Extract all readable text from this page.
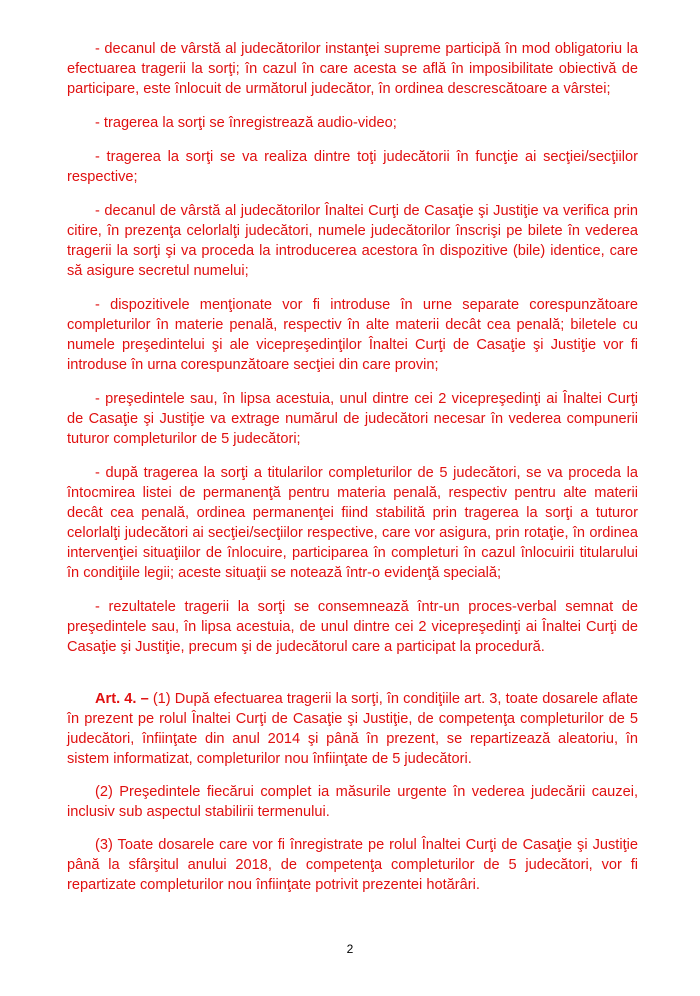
- decanul de vârstă al judecătorilor instanţei supreme participă în mod obligatoriu la efectuarea tragerii la sorţi; în cazul în care acesta se află în imposibilitate obiectivă de participare, este înlocuit de următorul judecător, în ordinea descrescătoare a vârstei;

- tragerea la sorţi se înregistrează audio-video;

- tragerea la sorţi se va realiza dintre toţi judecătorii în funcţie ai secţiei/secţiilor respective;

- decanul de vârstă al judecătorilor Înaltei Curţi de Casaţie şi Justiţie va verifica prin citire, în prezenţa celorlalţi judecători, numele judecătorilor înscrişi pe bilete în vederea tragerii la sorţi şi va proceda la introducerea acestora în dispozitive (bile) identice, care să asigure secretul numelui;

- dispozitivele menţionate vor fi introduse în urne separate corespunzătoare completurilor în materie penală, respectiv în alte materii decât cea penală; biletele cu numele preşedintelui şi ale vicepreşedinţilor Înaltei Curţi de Casaţie şi Justiţie vor fi introduse în urna corespunzătoare secţiei din care provin;

- preşedintele sau, în lipsa acestuia, unul dintre cei 2 vicepreşedinţi ai Înaltei Curţi de Casaţie şi Justiţie va extrage numărul de judecători necesar în vederea compunerii tuturor completurilor de 5 judecători;

- după tragerea la sorţi a titularilor completurilor de 5 judecători, se va proceda la întocmirea listei de permanenţă pentru materia penală, respectiv pentru alte materii decât cea penală, ordinea permanenţei fiind stabilită prin tragerea la sorţi a tuturor celorlalţi judecători ai secţiei/secţiilor respective, care vor asigura, prin rotaţie, în ordinea intervenţiei situaţiilor de înlocuire, participarea în completuri în cazul înlocuirii titularului în condiţiile legii; aceste situaţii se notează într-o evidenţă specială;

- rezultatele tragerii la sorţi se consemnează într-un proces-verbal semnat de preşedintele sau, în lipsa acestuia, de unul dintre cei 2 vicepreşedinţi ai Înaltei Curţi de Casaţie şi Justiţie, precum şi de judecătorul care a participat la procedură.

Art. 4. – (1) După efectuarea tragerii la sorţi, în condiţiile art. 3, toate dosarele aflate în prezent pe rolul Înaltei Curţi de Casaţie şi Justiţie, de competenţa completurilor de 5 judecători, înfiinţate din anul 2014 şi până în prezent, se repartizează aleatoriu, în sistem informatizat, completurilor nou înfiinţate de 5 judecători.

(2) Preşedintele fiecărui complet ia măsurile urgente în vederea judecării cauzei, inclusiv sub aspectul stabilirii termenului.

(3) Toate dosarele care vor fi înregistrate pe rolul Înaltei Curţi de Casaţie şi Justiţie până la sfârşitul anului 2018, de competenţa completurilor de 5 judecători, vor fi repartizate completurilor nou înfiinţate potrivit prezentei hotărâri.

2
